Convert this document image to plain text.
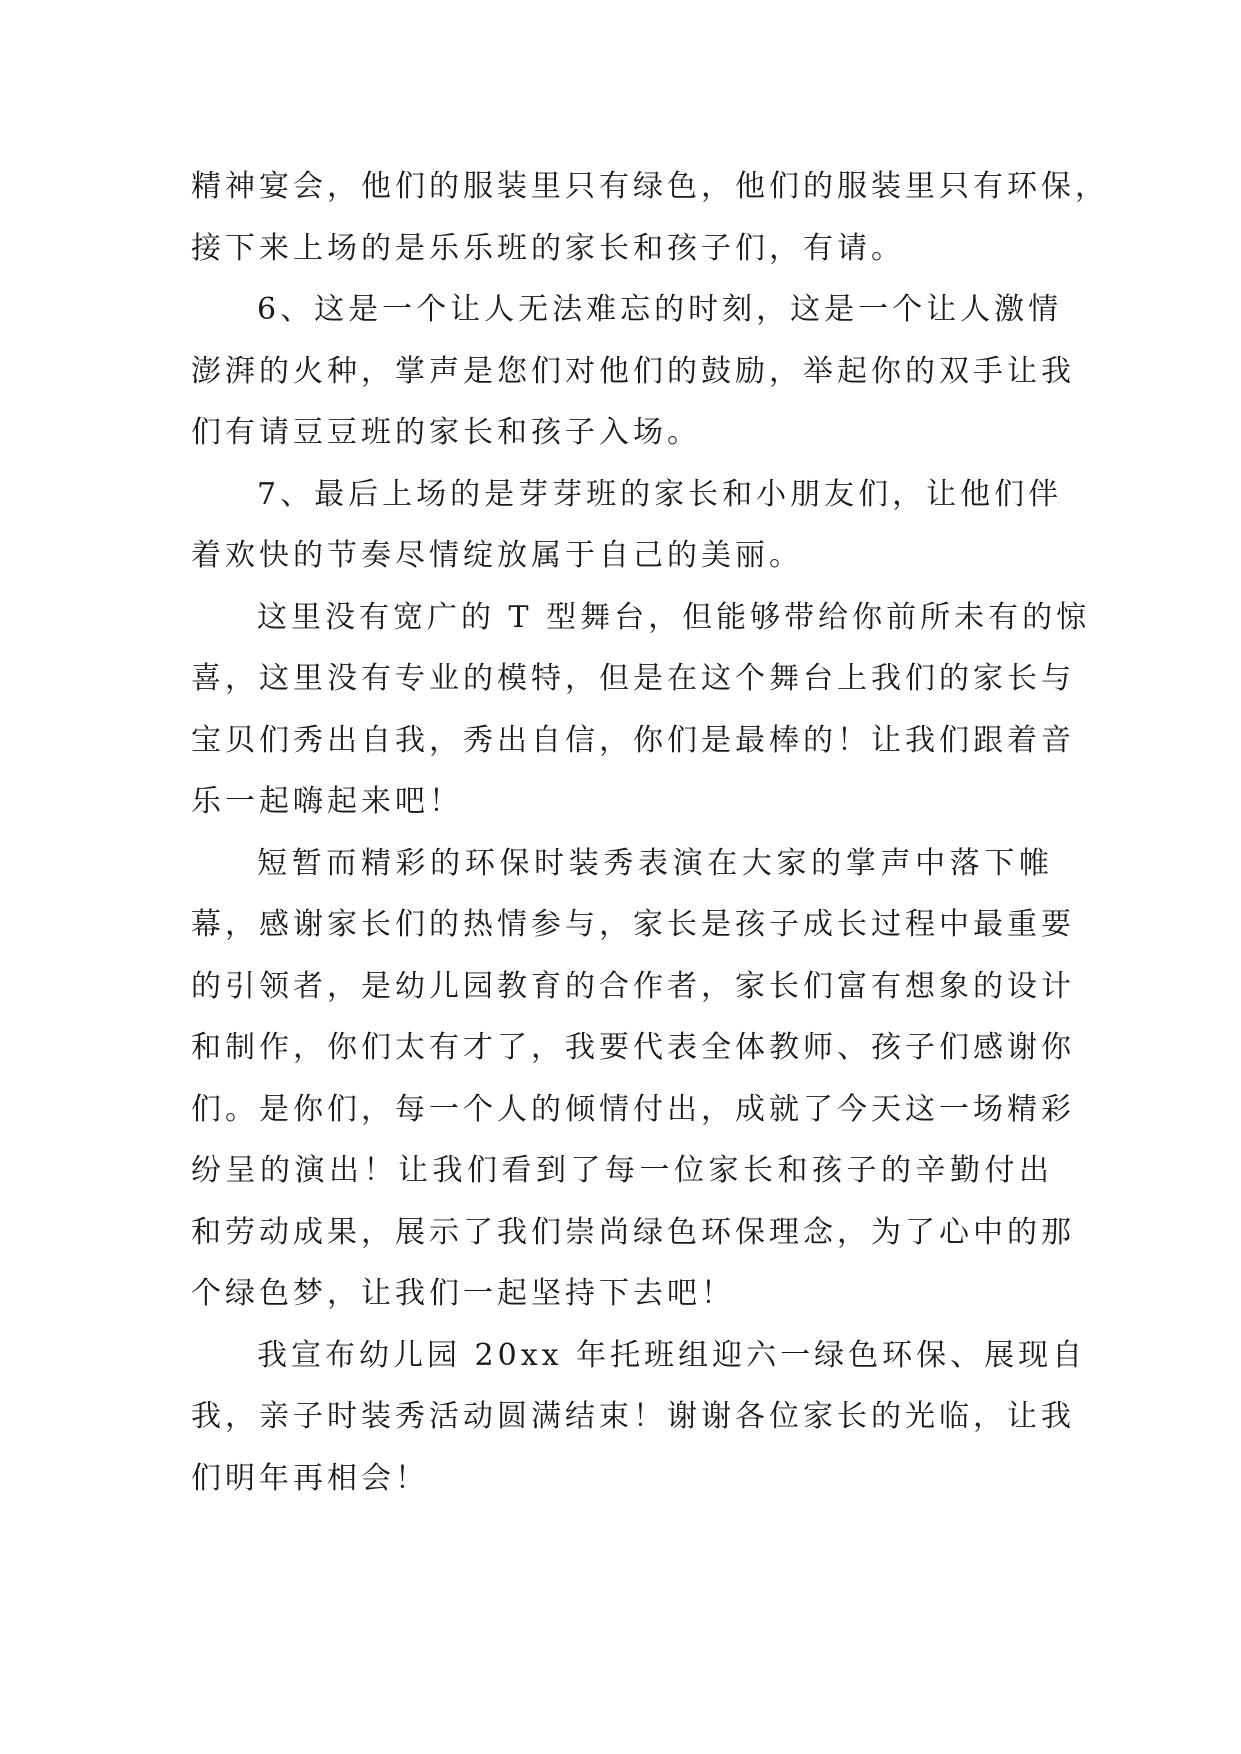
精神宴会，他们的服装里只有绿色，他们的服装里只有环保，
接下来上场的是乐乐班的家长和孩子们，有请。
6、这是一个让人无法难忘的时刻，这是一个让人激情
澎湃的火种，掌声是您们对他们的鼓励，举起你的双手让我
们有请豆豆班的家长和孩子入场。
7、最后上场的是芽芽班的家长和小朋友们，让他们伴
着欢快的节奏尽情绽放属于自己的美丽。
这里没有宽广的 T 型舞台，但能够带给你前所未有的惊
喜，这里没有专业的模特，但是在这个舞台上我们的家长与
宝贝们秀出自我，秀出自信，你们是最棒的！让我们跟着音
乐一起嗨起来吧！
短暂而精彩的环保时装秀表演在大家的掌声中落下帷
幕，感谢家长们的热情参与，家长是孩子成长过程中最重要
的引领者，是幼儿园教育的合作者，家长们富有想象的设计
和制作，你们太有才了，我要代表全体教师、孩子们感谢你
们。是你们，每一个人的倾情付出，成就了今天这一场精彩
纷呈的演出！让我们看到了每一位家长和孩子的辛勤付出
和劳动成果，展示了我们崇尚绿色环保理念，为了心中的那
个绿色梦，让我们一起坚持下去吧！
我宣布幼儿园 20xx 年托班组迎六一绿色环保、展现自
我，亲子时装秀活动圆满结束！谢谢各位家长的光临，让我
们明年再相会！
